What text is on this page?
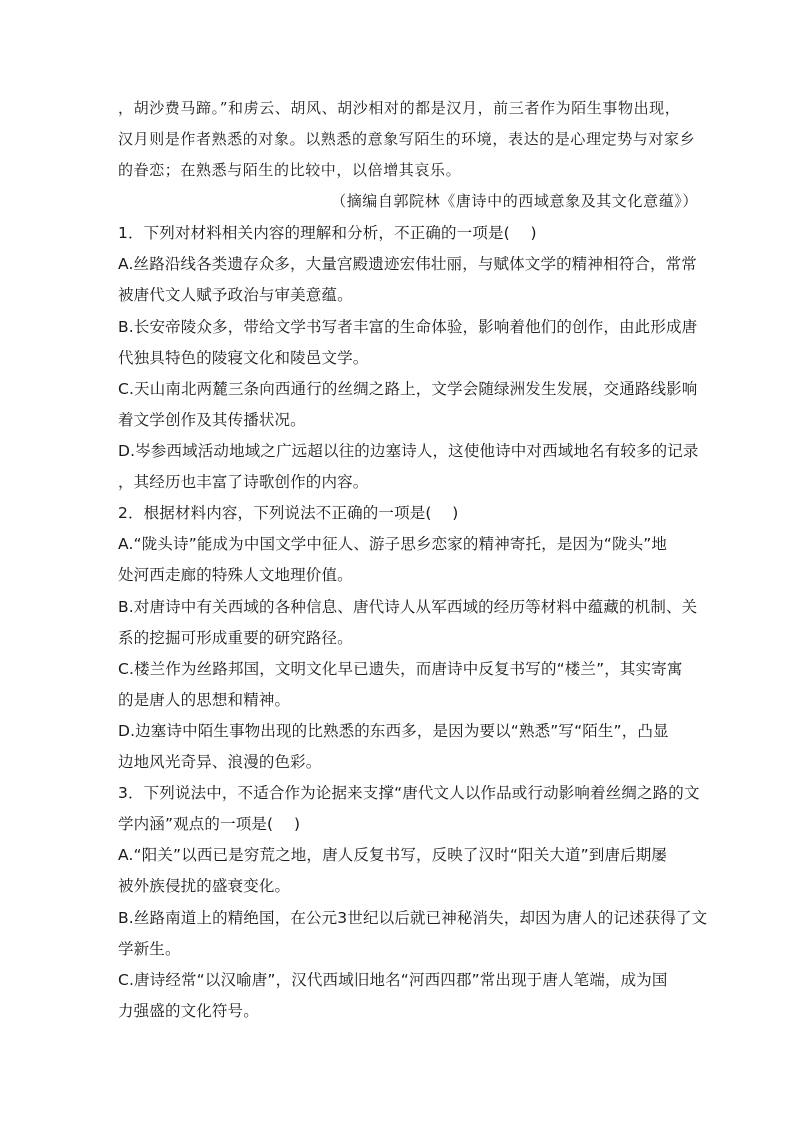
，胡沙费马蹄。”和虏云、胡风、胡沙相对的都是汉月，前三者作为陌生事物出现，
汉月则是作者熟悉的对象。以熟悉的意象写陌生的环境，表达的是心理定势与对家乡
的眷恋；在熟悉与陌生的比较中，以倍增其哀乐。
（摘编自郭院林《唐诗中的西域意象及其文化意蕴》）
1．下列对材料相关内容的理解和分析，不正确的一项是(　 )
A.丝路沿线各类遗存众多，大量宫殿遗迹宏伟壮丽，与赋体文学的精神相符合，常常
被唐代文人赋予政治与审美意蕴。
B.长安帝陵众多，带给文学书写者丰富的生命体验，影响着他们的创作，由此形成唐
代独具特色的陵寝文化和陵邑文学。
C.天山南北两麓三条向西通行的丝绸之路上，文学会随绿洲发生发展，交通路线影响
着文学创作及其传播状况。
D.岑参西域活动地域之广远超以往的边塞诗人，这使他诗中对西域地名有较多的记录
，其经历也丰富了诗歌创作的内容。
2．根据材料内容，下列说法不正确的一项是(　 )
A.“陇头诗”能成为中国文学中征人、游子思乡恋家的精神寄托，是因为“陇头”地
处河西走廊的特殊人文地理价值。
B.对唐诗中有关西域的各种信息、唐代诗人从军西域的经历等材料中蕴藏的机制、关
系的挖掘可形成重要的研究路径。
C.楼兰作为丝路邦国，文明文化早已遗失，而唐诗中反复书写的“楼兰”，其实寄寓
的是唐人的思想和精神。
D.边塞诗中陌生事物出现的比熟悉的东西多，是因为要以“熟悉”写“陌生”，凸显
边地风光奇异、浪漫的色彩。
3．下列说法中，不适合作为论据来支撑“唐代文人以作品或行动影响着丝绸之路的文
学内涵”观点的一项是(　 )
A.“阳关”以西已是穷荒之地，唐人反复书写，反映了汉时“阳关大道”到唐后期屡
被外族侵扰的盛衰变化。
B.丝路南道上的精绝国，在公元3世纪以后就已神秘消失，却因为唐人的记述获得了文
学新生。
C.唐诗经常“以汉喻唐”，汉代西域旧地名“河西四郡”常出现于唐人笔端，成为国
力强盛的文化符号。
